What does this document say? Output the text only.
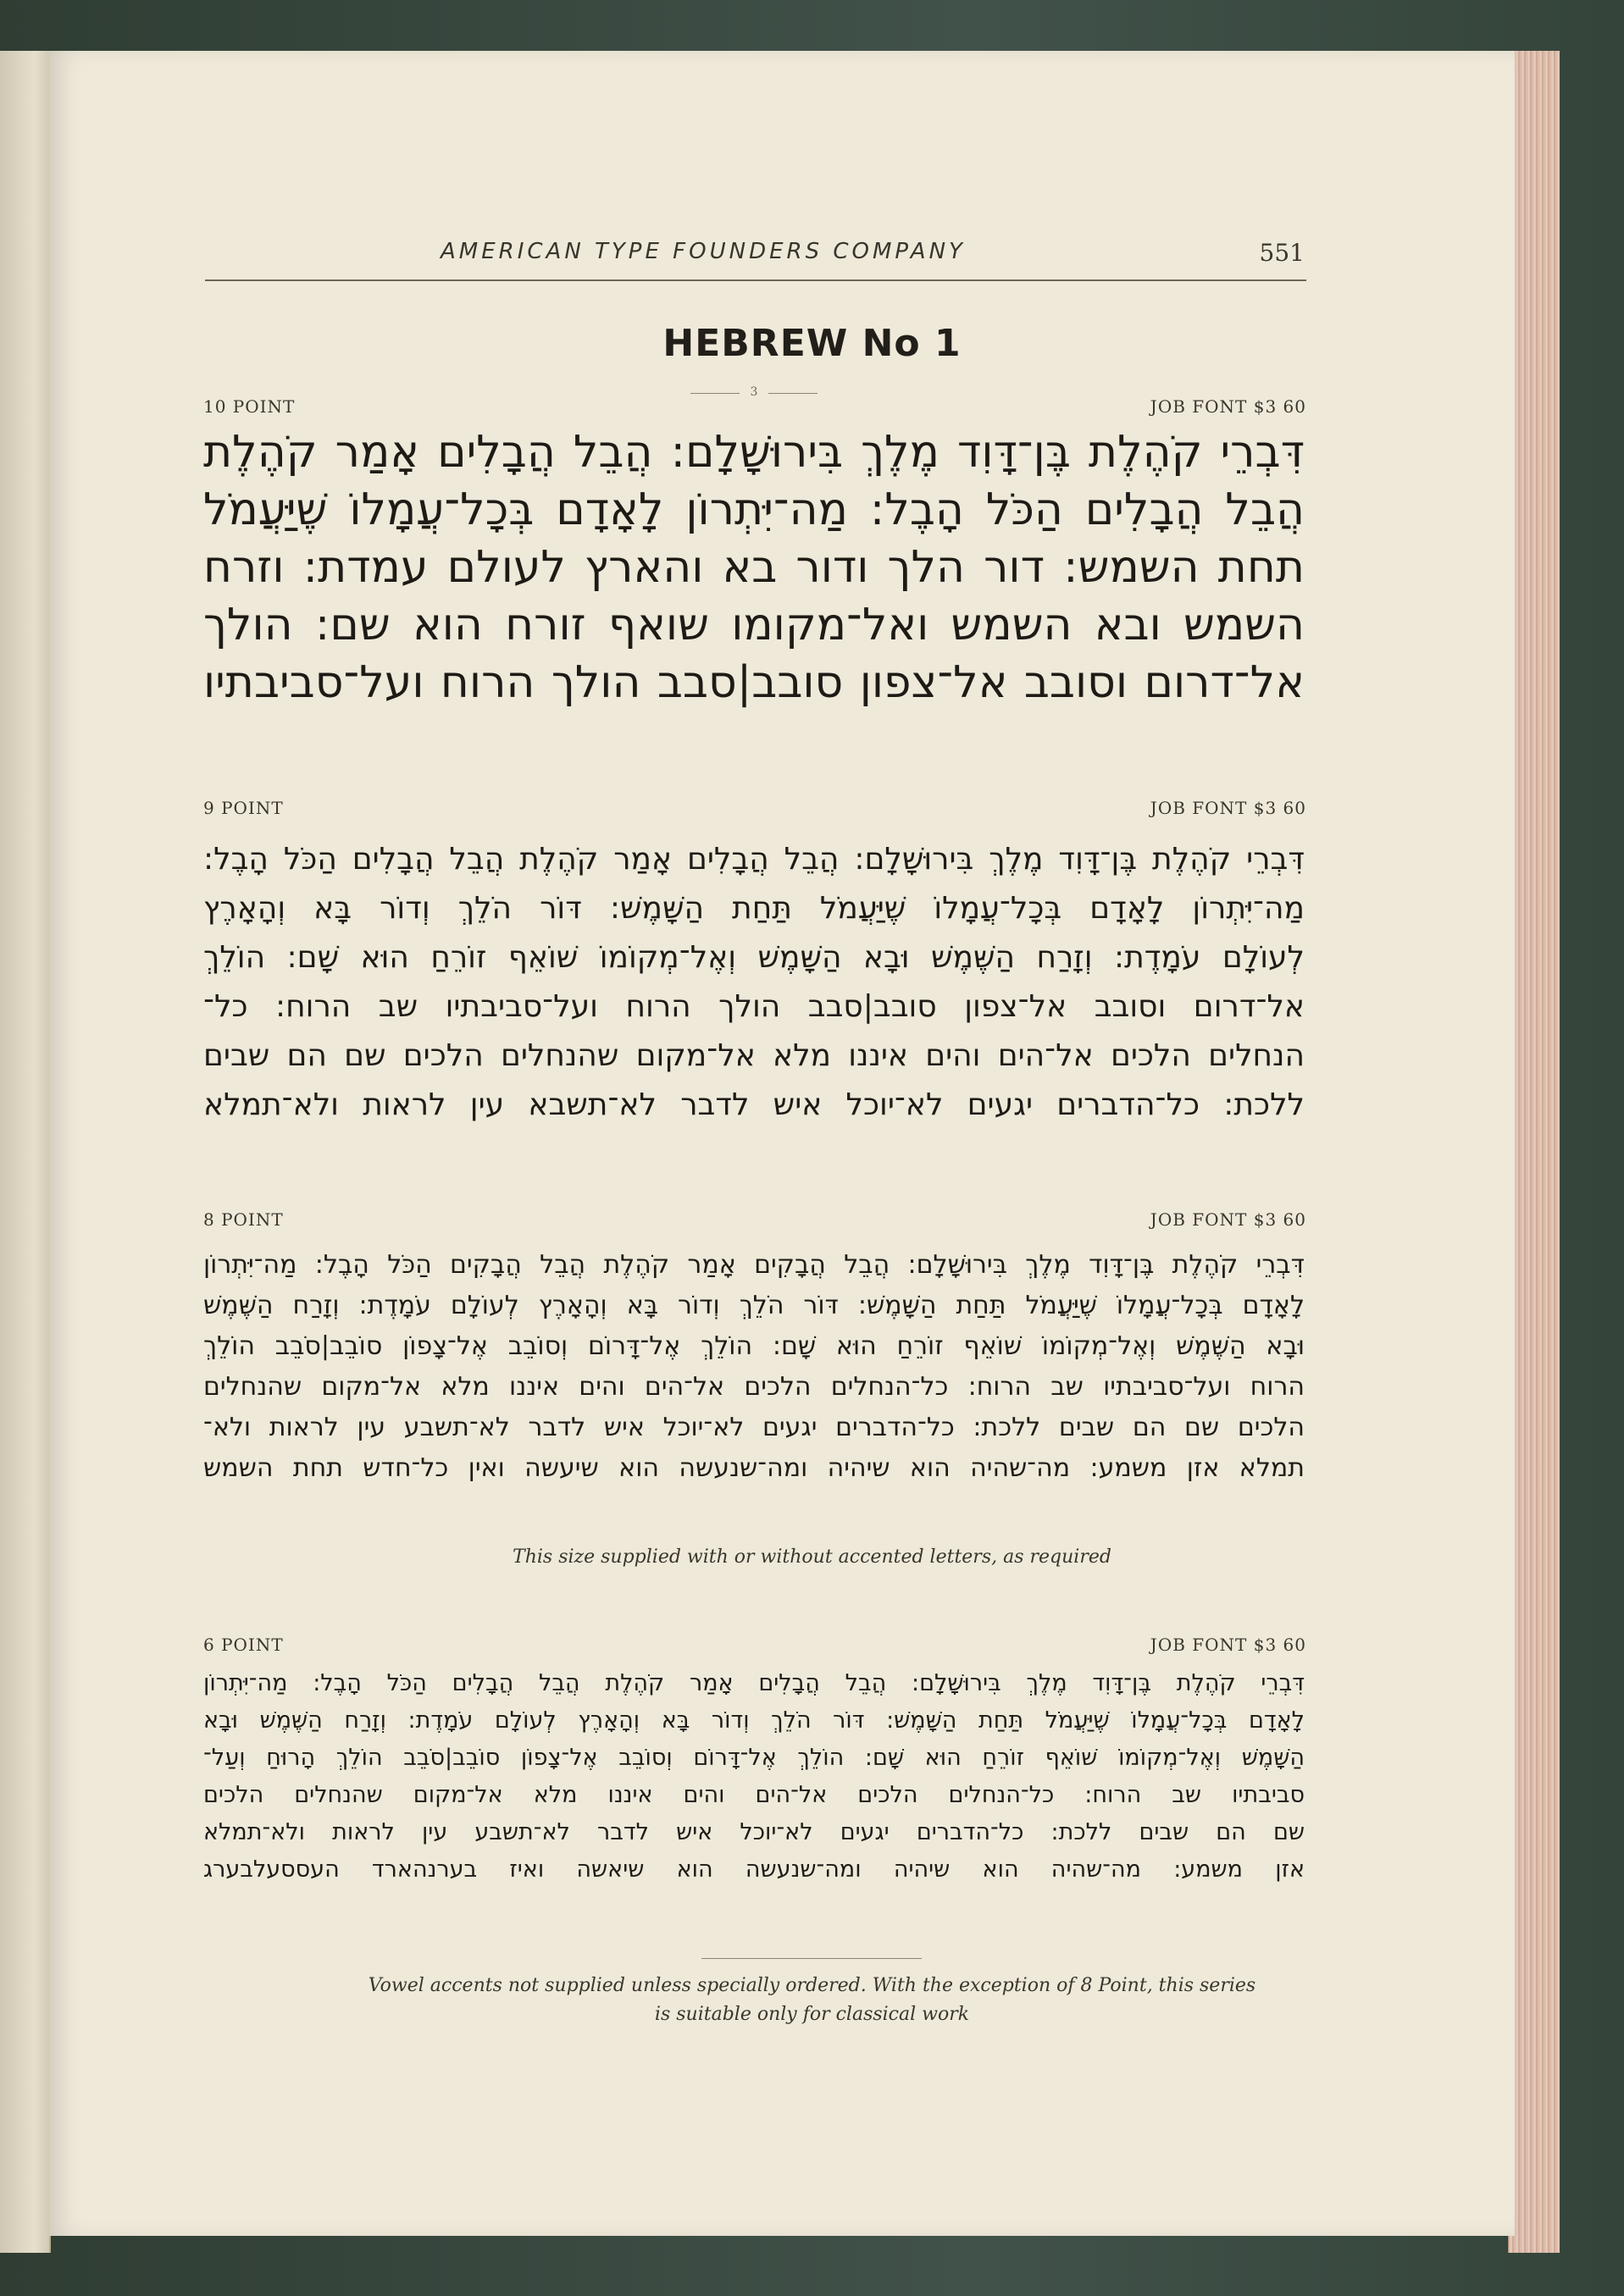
AMERICAN TYPE FOUNDERS COMPANY	551
HEBREW No 1
3
10 POINT	JOB FONT $3 60
דִּבְרֵי קֹהֶלֶת בֶּן־דָּוִד מֶלֶךְ בִּירוּשָׁלָם: הֲבֵל הֲבָלִים אָמַר קֹהֶלֶת
הֲבֵל הֲבָלִים הַכֹּל הָבֶל: מַה־יִּתְרוֹן לָאָדָם בְּכָל־עֲמָלוֹ שֶׁיַּעֲמֹל
תחת השמש: דור הלך ודור בא והארץ לעולם עמדת: וזרח
השמש ובא השמש ואל־מקומו שואף זורח הוא שם: הולך
אל־דרום וסובב אל־צפון סובב|סבב הולך הרוח ועל־סביבתיו
9 POINT	JOB FONT $3 60
דִּבְרֵי קֹהֶלֶת בֶּן־דָּוִד מֶלֶךְ בִּירוּשָׁלָם: הֲבֵל הֲבָלִים אָמַר קֹהֶלֶת הֲבֵל הֲבָלִים הַכֹּל הָבֶל:
מַה־יִּתְרוֹן לָאָדָם בְּכָל־עֲמָלוֹ שֶׁיַּעֲמֹל תַּחַת הַשָּׁמֶשׁ: דּוֹר הֹלֵךְ וְדוֹר בָּא וְהָאָרֶץ
לְעוֹלָם עֹמָדֶת: וְזָרַח הַשֶּׁמֶשׁ וּבָא הַשָּׁמֶשׁ וְאֶל־מְקוֹמוֹ שׁוֹאֵף זוֹרֵחַ הוּא שָׁם: הוֹלֵךְ
אל־דרום וסובב אל־צפון סובב|סבב הולך הרוח ועל־סביבתיו שב הרוח: כל־
הנחלים הלכים אל־הים והים איננו מלא אל־מקום שהנחלים הלכים שם הם שבים
ללכת: כל־הדברים יגעים לא־יוכל איש לדבר לא־תשבא עין לראות ולא־תמלא
8 POINT	JOB FONT $3 60
דִּבְרֵי קֹהֶלֶת בֶּן־דָּוִד מֶלֶךְ בִּירוּשָׁלָם: הֲבֵל הֲבָקִים אָמַר קֹהֶלֶת הֲבֵל הֲבָקִים הַכֹּל הָבֶל: מַה־יִּתְרוֹן
לָאָדָם בְּכָל־עֲמָלוֹ שֶׁיַּעֲמֹל תַּחַת הַשָּׁמֶשׁ: דּוֹר הֹלֵךְ וְדוֹר בָּא וְהָאָרֶץ לְעוֹלָם עֹמָדֶת: וְזָרַח הַשֶּׁמֶשׁ
וּבָא הַשֶּׁמֶשׁ וְאֶל־מְקוֹמוֹ שׁוֹאֵף זוֹרֵחַ הוּא שָׁם: הוֹלֵךְ אֶל־דָּרוֹם וְסוֹבֵב אֶל־צָפוֹן סוֹבֵב|סֹבֵב הוֹלֵךְ
הרוח ועל־סביבתיו שב הרוח: כל־הנחלים הלכים אל־הים והים איננו מלא אל־מקום שהנחלים
הלכים שם הם שבים ללכת: כל־הדברים יגעים לא־יוכל איש לדבר לא־תשבע עין לראות ולא־
תמלא אזן משמע: מה־שהיה הוא שיהיה ומה־שנעשה הוא שיעשה ואין כל־חדש תחת השמש
This size supplied with or without accented letters, as required
6 POINT	JOB FONT $3 60
דִּבְרֵי קֹהֶלֶת בֶּן־דָּוִד מֶלֶךְ בִּירוּשָׁלָם: הֲבֵל הֲבָלִים אָמַר קֹהֶלֶת הֲבֵל הֲבָלִים הַכֹּל הָבֶל: מַה־יִּתְרוֹן
לָאָדָם בְּכָל־עֲמָלוֹ שֶׁיַּעֲמֹל תַּחַת הַשָּׁמֶשׁ: דּוֹר הֹלֵךְ וְדוֹר בָּא וְהָאָרֶץ לְעוֹלָם עֹמָדֶת: וְזָרַח הַשֶּׁמֶשׁ וּבָא
הַשָּׁמֶשׁ וְאֶל־מְקוֹמוֹ שׁוֹאֵף זוֹרֵחַ הוּא שָׁם: הוֹלֵךְ אֶל־דָּרוֹם וְסוֹבֵב אֶל־צָפוֹן סוֹבֵב|סֹבֵב הוֹלֵךְ הָרוּחַ וְעַל־
סביבתיו שב הרוח: כל־הנחלים הלכים אל־הים והים איננו מלא אל־מקום שהנחלים הלכים
שם הם שבים ללכת: כל־הדברים יגעים לא־יוכל איש לדבר לא־תשבע עין לראות ולא־תמלא
אזן משמע: מה־שהיה הוא שיהיה ומה־שנעשה הוא שיאשה ואיז בערנהארד העססעלבערג
Vowel accents not supplied unless specially ordered. With the exception of 8 Point, this series
is suitable only for classical work
